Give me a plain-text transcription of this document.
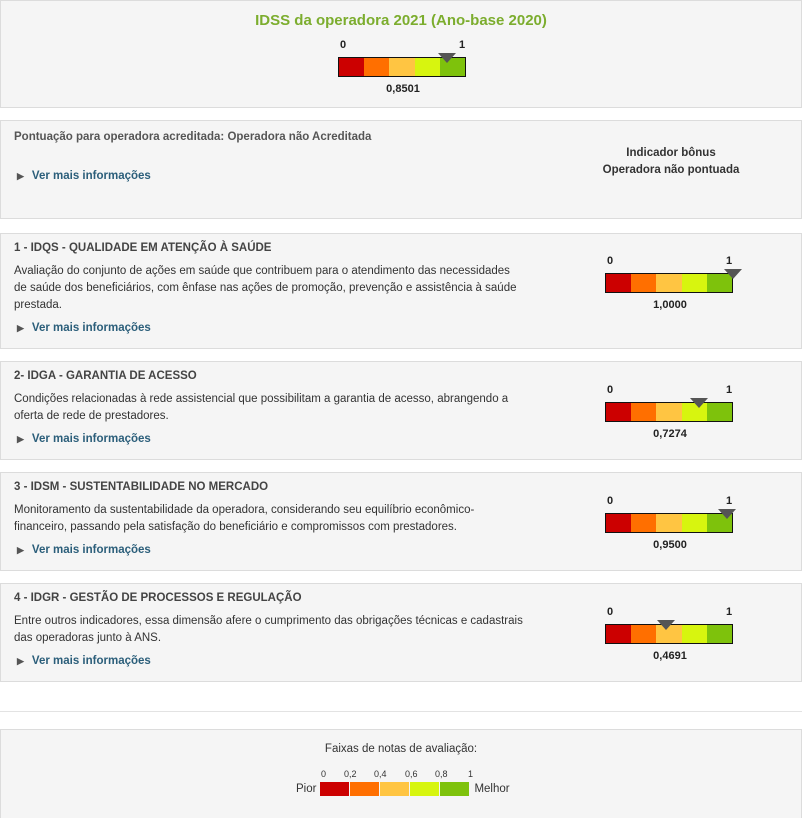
IDSS da operadora 2021 (Ano-base 2020)
0	1
0,8501
Pontuação para operadora acreditada: Operadora não Acreditada
▶ Ver mais informações
Indicador bônus
Operadora não pontuada
1 - IDQS - QUALIDADE EM ATENÇÃO À SAÚDE
Avaliação do conjunto de ações em saúde que contribuem para o atendimento das necessidades de saúde dos beneficiários, com ênfase nas ações de promoção, prevenção e assistência à saúde prestada.
▶ Ver mais informações
0	1
1,0000
2- IDGA - GARANTIA DE ACESSO
Condições relacionadas à rede assistencial que possibilitam a garantia de acesso, abrangendo a oferta de rede de prestadores.
▶ Ver mais informações
0	1
0,7274
3 - IDSM - SUSTENTABILIDADE NO MERCADO
Monitoramento da sustentabilidade da operadora, considerando seu equilíbrio econômico-financeiro, passando pela satisfação do beneficiário e compromissos com prestadores.
▶ Ver mais informações
0	1
0,9500
4 - IDGR - GESTÃO DE PROCESSOS E REGULAÇÃO
Entre outros indicadores, essa dimensão afere o cumprimento das obrigações técnicas e cadastrais das operadoras junto à ANS.
▶ Ver mais informações
0	1
0,4691
Faixas de notas de avaliação:
0 0,2 0,4 0,6 0,8 1
Pior	Melhor
